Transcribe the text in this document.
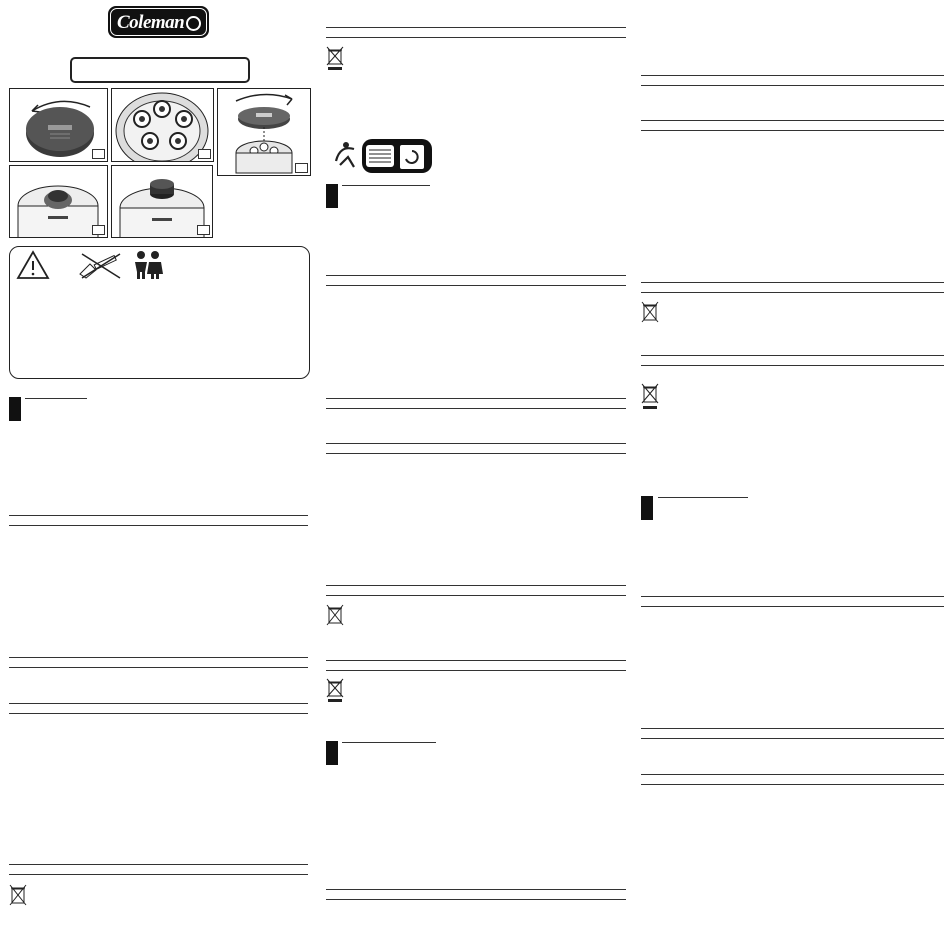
Coleman
